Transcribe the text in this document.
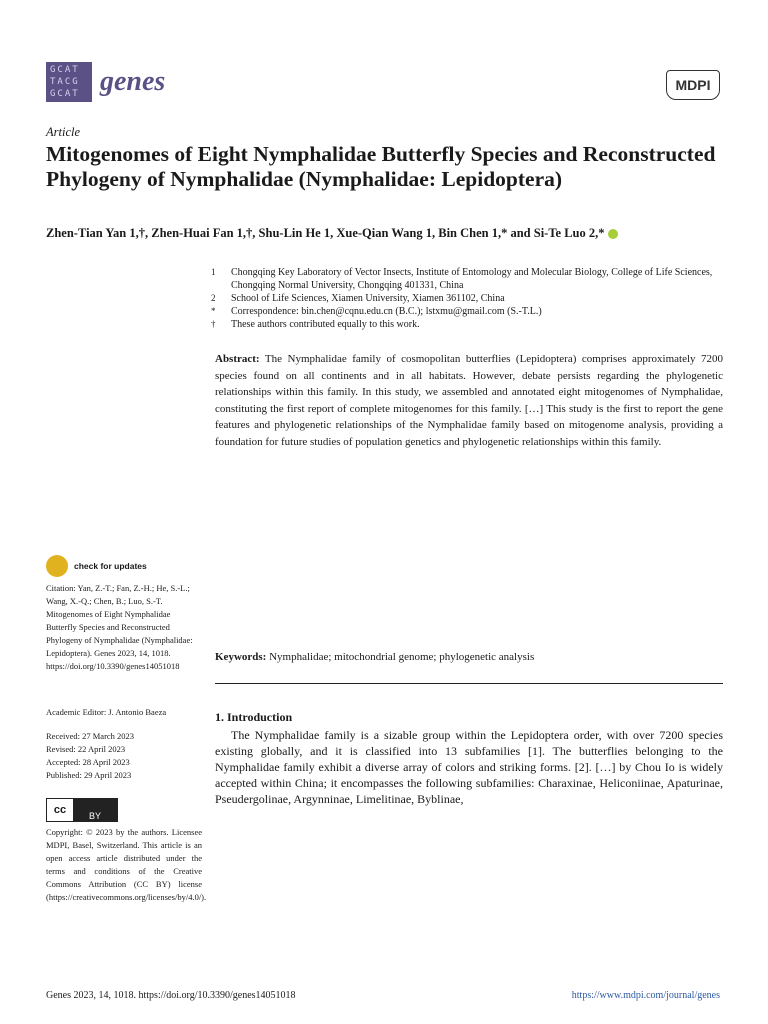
GCAT
TACG
GCAT genes	MDPI
Article
Mitogenomes of Eight Nymphalidae Butterfly Species and Reconstructed Phylogeny of Nymphalidae (Nymphalidae: Lepidoptera)
Zhen-Tian Yan 1,†, Zhen-Huai Fan 1,†, Shu-Lin He 1, Xue-Qian Wang 1, Bin Chen 1,* and Si-Te Luo 2,*
1	Chongqing Key Laboratory of Vector Insects, Institute of Entomology and Molecular Biology, College of Life Sciences, Chongqing Normal University, Chongqing 401331, China
2	School of Life Sciences, Xiamen University, Xiamen 361102, China
*	Correspondence: bin.chen@cqnu.edu.cn (B.C.); lstxmu@gmail.com (S.-T.L.)
†	These authors contributed equally to this work.
Abstract: The Nymphalidae family of cosmopolitan butterflies (Lepidoptera) comprises approximately 7200 species found on all continents and in all habitats. However, debate persists regarding the phylogenetic relationships within this family. In this study, we assembled and annotated eight mitogenomes of Nymphalidae, constituting the first report of complete mitogenomes for this family. […] This study is the first to report the gene features and phylogenetic relationships of the Nymphalidae family based on mitogenome analysis, providing a foundation for future studies of population genetics and phylogenetic relationships within this family.
Keywords: Nymphalidae; mitochondrial genome; phylogenetic analysis
1. Introduction

The Nymphalidae family is a sizable group within the Lepidoptera order, with over 7200 species existing globally, and it is classified into 13 subfamilies [1]. The butterflies belonging to the Nymphalidae family exhibit a diverse array of colors and striking forms. [2]. […] by Chou Io is widely accepted within China; it encompasses the following subfamilies: Charaxinae, Heliconiinae, Apaturinae, Pseudergolinae, Argynninae, Limelitinae, Byblinae,

check for updates
Citation: Yan, Z.-T.; Fan, Z.-H.; He, S.-L.; Wang, X.-Q.; Chen, B.; Luo, S.-T. Mitogenomes of Eight Nymphalidae Butterfly Species and Reconstructed Phylogeny of Nymphalidae (Nymphalidae: Lepidoptera). Genes 2023, 14, 1018. https://doi.org/10.3390/genes14051018
Academic Editor: J. Antonio Baeza
Received: 27 March 2023
Revised: 22 April 2023
Accepted: 28 April 2023
Published: 29 April 2023
cc	BY
Copyright: © 2023 by the authors. Licensee MDPI, Basel, Switzerland. This article is an open access article distributed under the terms and conditions of the Creative Commons Attribution (CC BY) license (https://creativecommons.org/licenses/by/4.0/).
Genes 2023, 14, 1018. https://doi.org/10.3390/genes14051018	https://www.mdpi.com/journal/genes
